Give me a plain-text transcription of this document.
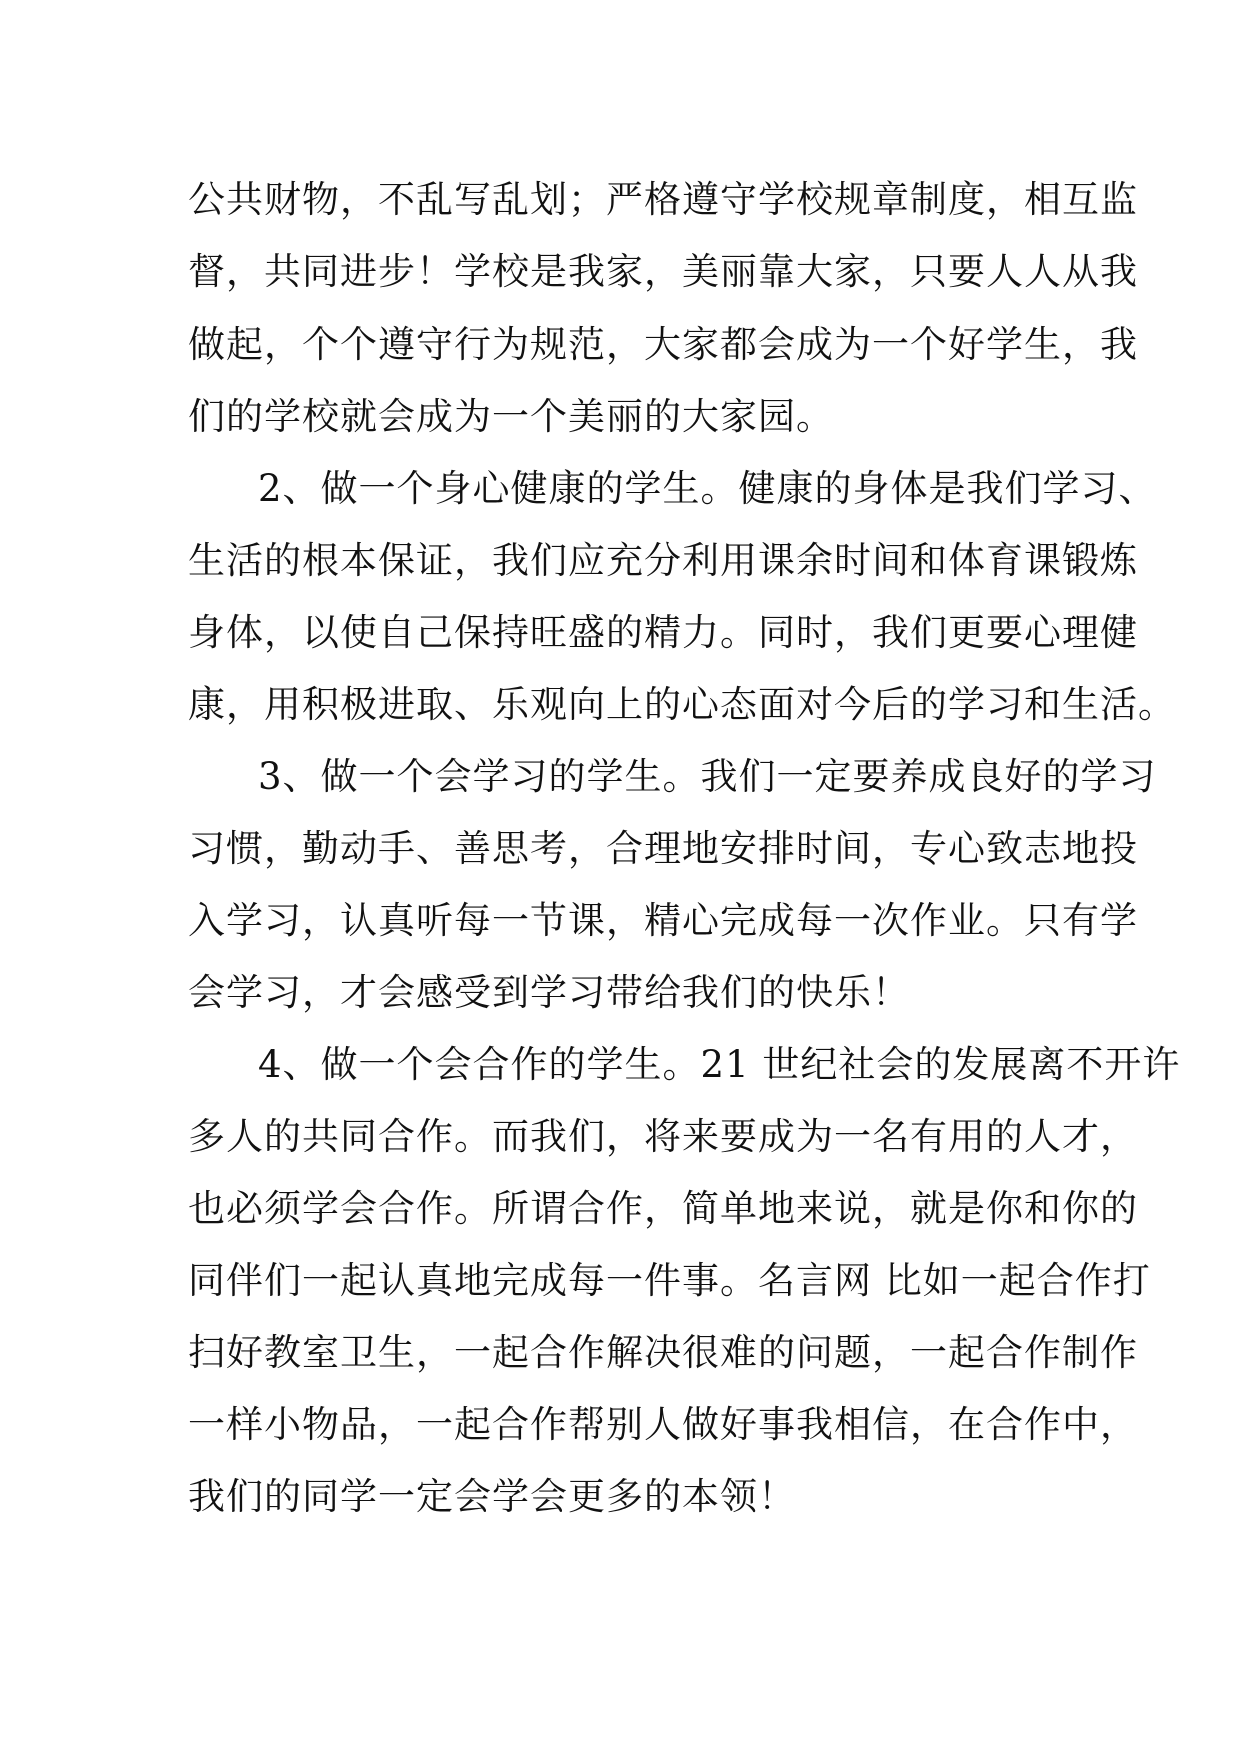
公共财物，不乱写乱划；严格遵守学校规章制度，相互监
督，共同进步！学校是我家，美丽靠大家，只要人人从我
做起，个个遵守行为规范，大家都会成为一个好学生，我
们的学校就会成为一个美丽的大家园。
2、做一个身心健康的学生。健康的身体是我们学习、
生活的根本保证，我们应充分利用课余时间和体育课锻炼
身体，以使自己保持旺盛的精力。同时，我们更要心理健
康，用积极进取、乐观向上的心态面对今后的学习和生活。
3、做一个会学习的学生。我们一定要养成良好的学习
习惯，勤动手、善思考，合理地安排时间，专心致志地投
入学习，认真听每一节课，精心完成每一次作业。只有学
会学习，才会感受到学习带给我们的快乐！
4、做一个会合作的学生。21 世纪社会的发展离不开许
多人的共同合作。而我们，将来要成为一名有用的人才，
也必须学会合作。所谓合作，简单地来说，就是你和你的
同伴们一起认真地完成每一件事。名言网 比如一起合作打
扫好教室卫生，一起合作解决很难的问题，一起合作制作
一样小物品，一起合作帮别人做好事我相信，在合作中，
我们的同学一定会学会更多的本领！
